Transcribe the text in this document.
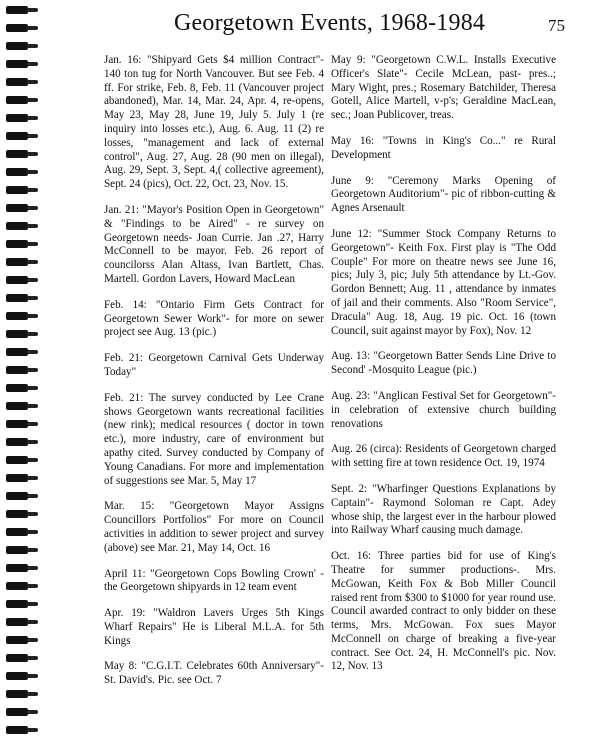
Georgetown Events, 1968-1984	75

Jan. 16: "Shipyard Gets $4 million Contract"- 140 ton tug for North Vancouver. But see Feb. 4 ff. For strike, Feb. 8, Feb. 11 (Vancouver project abandoned), Mar. 14, Mar. 24, Apr. 4, re-opens, May 23, May 28, June 19, July 5. July 1 (re inquiry into losses etc.), Aug. 6. Aug. 11 (2) re losses, "management and lack of external control", Aug. 27, Aug. 28 (90 men on illegal), Aug. 29, Sept. 3, Sept. 4,( collective agreement), Sept. 24 (pics), Oct. 22, Oct. 23, Nov. 15.

Jan. 21: "Mayor's Position Open in Georgetown" & "Findings to be Aired" - re survey on Georgetown needs- Joan Currie. Jan .27, Harry McConnell to be mayor. Feb. 26 report of councilorss Alan Altass, Ivan Bartlett, Chas. Martell. Gordon Lavers, Howard MacLean

Feb. 14: "Ontario Firm Gets Contract for Georgetown Sewer Work"- for more on sewer project see Aug. 13 (pic.)

Feb. 21: Georgetown Carnival Gets Underway Today"

Feb. 21: The survey conducted by Lee Crane shows Georgetown wants recreational facilities (new rink); medical resources ( doctor in town etc.), more industry, care of environment but apathy cited. Survey conducted by Company of Young Canadians. For more and implementation of suggestions see Mar. 5, May 17

Mar. 15: "Georgetown Mayor Assigns Councillors Portfolios" For more on Council activities in addition to sewer project and survey (above) see Mar. 21, May 14, Oct. 16

April 11: "Georgetown Cops Bowling Crown' - the Georgetown shipyards in 12 team event

Apr. 19: "Waldron Lavers Urges 5th Kings Wharf Repairs" He is Liberal M.L.A. for 5th Kings

May 8: "C.G.I.T. Celebrates 60th Anniversary"- St. David's. Pic. see Oct. 7

May 9: "Georgetown C.W.L. Installs Executive Officer's Slate"- Cecile McLean, past- pres..; Mary Wight, pres.; Rosemary Batchilder, Theresa Gotell, Alice Martell, v-p's; Geraldine MacLean, sec.; Joan Publicover, treas.

May 16: "Towns in King's Co..." re Rural Development

June 9: "Ceremony Marks Opening of Georgetown Auditorium"- pic of ribbon-cutting & Agnes Arsenault

June 12: "Summer Stock Company Returns to Georgetown"- Keith Fox. First play is "The Odd Couple" For more on theatre news see June 16, pics; July 3, pic; July 5th attendance by Lt.-Gov. Gordon Bennett; Aug. 11 , attendance by inmates of jail and their comments. Also "Room Service", Dracula" Aug. 18, Aug. 19 pic. Oct. 16 (town Council, suit against mayor by Fox), Nov. 12

Aug. 13: "Georgetown Batter Sends Line Drive to Second' -Mosquito League (pic.)

Aug. 23: "Anglican Festival Set for Georgetown"- in celebration of extensive church building renovations

Aug. 26 (circa): Residents of Georgetown charged with setting fire at town residence Oct. 19, 1974

Sept. 2: "Wharfinger Questions Explanations by Captain"- Raymond Soloman re Capt. Adey whose ship, the largest ever in the harbour plowed into Railway Wharf causing much damage.

Oct. 16: Three parties bid for use of King's Theatre for summer productions-. Mrs. McGowan, Keith Fox & Bob Miller Council raised rent from $300 to $1000 for year round use. Council awarded contract to only bidder on these terms, Mrs. McGowan. Fox sues Mayor McConnell on charge of breaking a five-year contract. See Oct. 24, H. McConnell's pic. Nov. 12, Nov. 13
